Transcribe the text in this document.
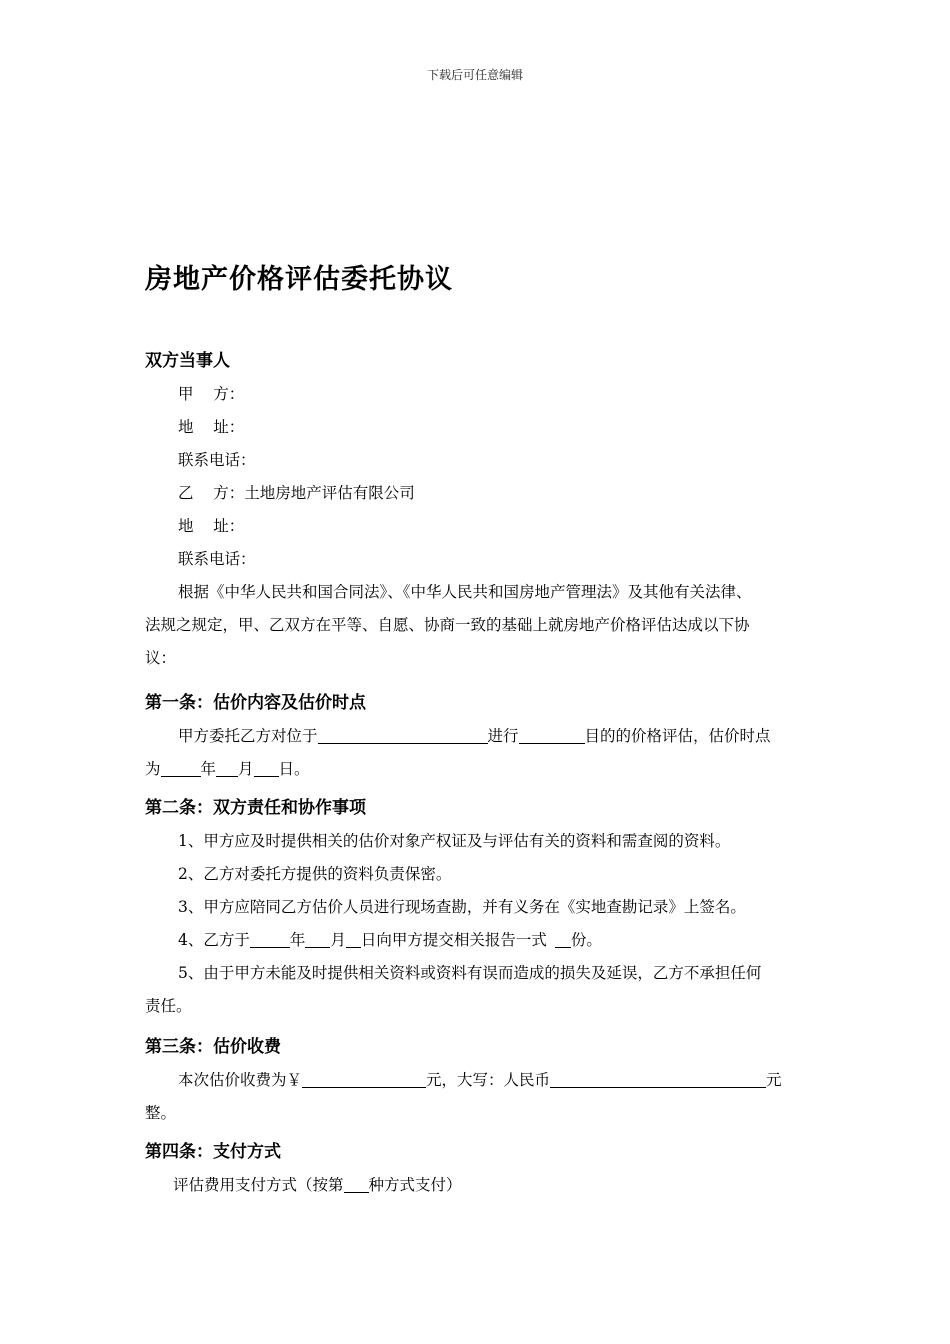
下载后可任意编辑
房地产价格评估委托协议
双方当事人
甲    方：
地    址：
联系电话：
乙    方：土地房地产评估有限公司
地    址：
联系电话：
根据《中华人民共和国合同法》、《中华人民共和国房地产管理法》及其他有关法律、
法规之规定，甲、乙双方在平等、自愿、协商一致的基础上就房地产价格评估达成以下协
议：
第一条：估价内容及估价时点
甲方委托乙方对位于	进行	目的的价格评估，估价时点
为	年 月 日。
第二条：双方责任和协作事项
1、甲方应及时提供相关的估价对象产权证及与评估有关的资料和需查阅的资料。
2、乙方对委托方提供的资料负责保密。
3、甲方应陪同乙方估价人员进行现场查勘，并有义务在《实地查勘记录》上签名。
4、乙方于	年 月 日向甲方提交相关报告一式 份。
5、由于甲方未能及时提供相关资料或资料有误而造成的损失及延误，乙方不承担任何
责任。
第三条：估价收费
本次估价收费为￥	元，大写：人民币	元
整。
第四条：支付方式
评估费用支付方式（按第 种方式支付）
